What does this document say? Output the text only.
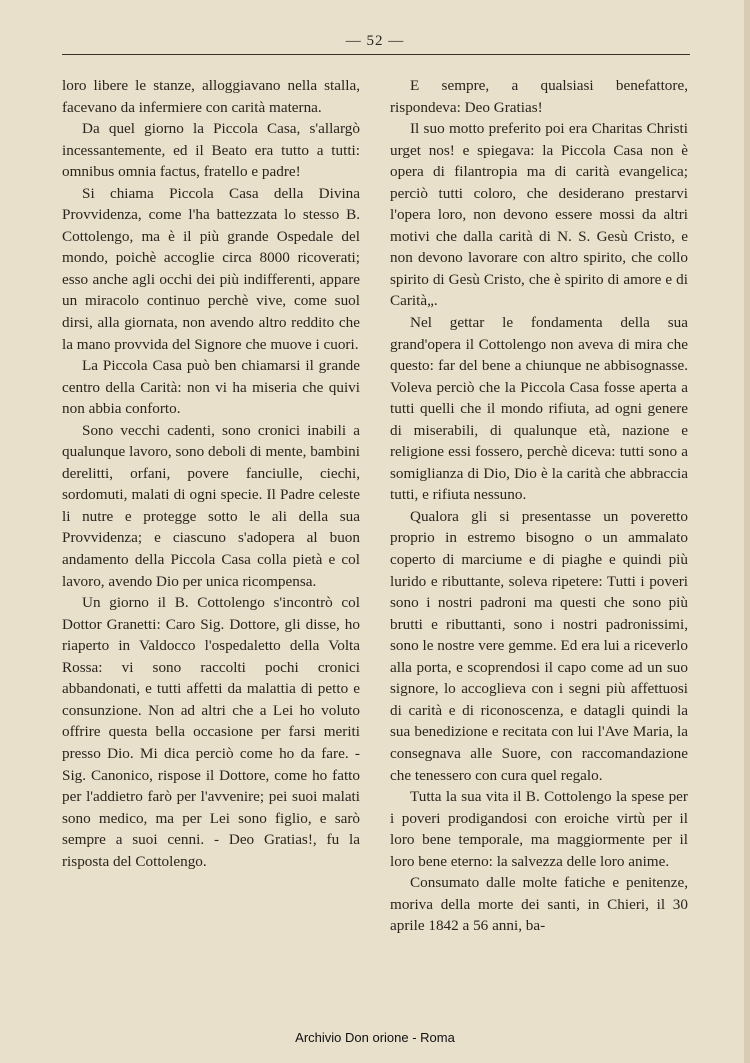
— 52 —

loro libere le stanze, alloggiavano nella stalla, facevano da infermiere con carità materna.

Da quel giorno la Piccola Casa, s'allargò incessantemente, ed il Beato era tutto a tutti: omnibus omnia factus, fratello e padre!

Si chiama Piccola Casa della Divina Provvidenza, come l'ha battezzata lo stesso B. Cottolengo, ma è il più grande Ospedale del mondo, poichè accoglie circa 8000 ricoverati; esso anche agli occhi dei più indifferenti, appare un miracolo continuo perchè vive, come suol dirsi, alla giornata, non avendo altro reddito che la mano provvida del Signore che muove i cuori.

La Piccola Casa può ben chiamarsi il grande centro della Carità: non vi ha miseria che quivi non abbia conforto.

Sono vecchi cadenti, sono cronici inabili a qualunque lavoro, sono deboli di mente, bambini derelitti, orfani, povere fanciulle, ciechi, sordomuti, malati di ogni specie. Il Padre celeste li nutre e protegge sotto le ali della sua Provvidenza; e ciascuno s'adopera al buon andamento della Piccola Casa colla pietà e col lavoro, avendo Dio per unica ricompensa.

Un giorno il B. Cottolengo s'incontrò col Dottor Granetti: Caro Sig. Dottore, gli disse, ho riaperto in Valdocco l'ospedaletto della Volta Rossa: vi sono raccolti pochi cronici abbandonati, e tutti affetti da malattia di petto e consunzione. Non ad altri che a Lei ho voluto offrire questa bella occasione per farsi meriti presso Dio. Mi dica perciò come ho da fare. - Sig. Canonico, rispose il Dottore, come ho fatto per l'addietro farò per l'avvenire; pei suoi malati sono medico, ma per Lei sono figlio, e sarò sempre a suoi cenni. - Deo Gratias!, fu la risposta del Cottolengo.

E sempre, a qualsiasi benefattore, rispondeva: Deo Gratias!

Il suo motto preferito poi era Charitas Christi urget nos! e spiegava: la Piccola Casa non è opera di filantropia ma di carità evangelica; perciò tutti coloro, che desiderano prestarvi l'opera loro, non devono essere mossi da altri motivi che dalla carità di N. S. Gesù Cristo, e non devono lavorare con altro spirito, che collo spirito di Gesù Cristo, che è spirito di amore e di Carità„.

Nel gettar le fondamenta della sua grand'opera il Cottolengo non aveva di mira che questo: far del bene a chiunque ne abbisognasse. Voleva perciò che la Piccola Casa fosse aperta a tutti quelli che il mondo rifiuta, ad ogni genere di miserabili, di qualunque età, nazione e religione essi fossero, perchè diceva: tutti sono a somiglianza di Dio, Dio è la carità che abbraccia tutti, e rifiuta nessuno.

Qualora gli si presentasse un poveretto proprio in estremo bisogno o un ammalato coperto di marciume e di piaghe e quindi più lurido e ributtante, soleva ripetere: Tutti i poveri sono i nostri padroni ma questi che sono più brutti e ributtanti, sono i nostri padronissimi, sono le nostre vere gemme. Ed era lui a riceverlo alla porta, e scoprendosi il capo come ad un suo signore, lo accoglieva con i segni più affettuosi di carità e di riconoscenza, e datagli quindi la sua benedizione e recitata con lui l'Ave Maria, la consegnava alle Suore, con raccomandazione che tenessero con cura quel regalo.

Tutta la sua vita il B. Cottolengo la spese per i poveri prodigandosi con eroiche virtù per il loro bene temporale, ma maggiormente per il loro bene eterno: la salvezza delle loro anime.

Consumato dalle molte fatiche e penitenze, moriva della morte dei santi, in Chieri, il 30 aprile 1842 a 56 anni, ba-

Archivio Don orione - Roma
